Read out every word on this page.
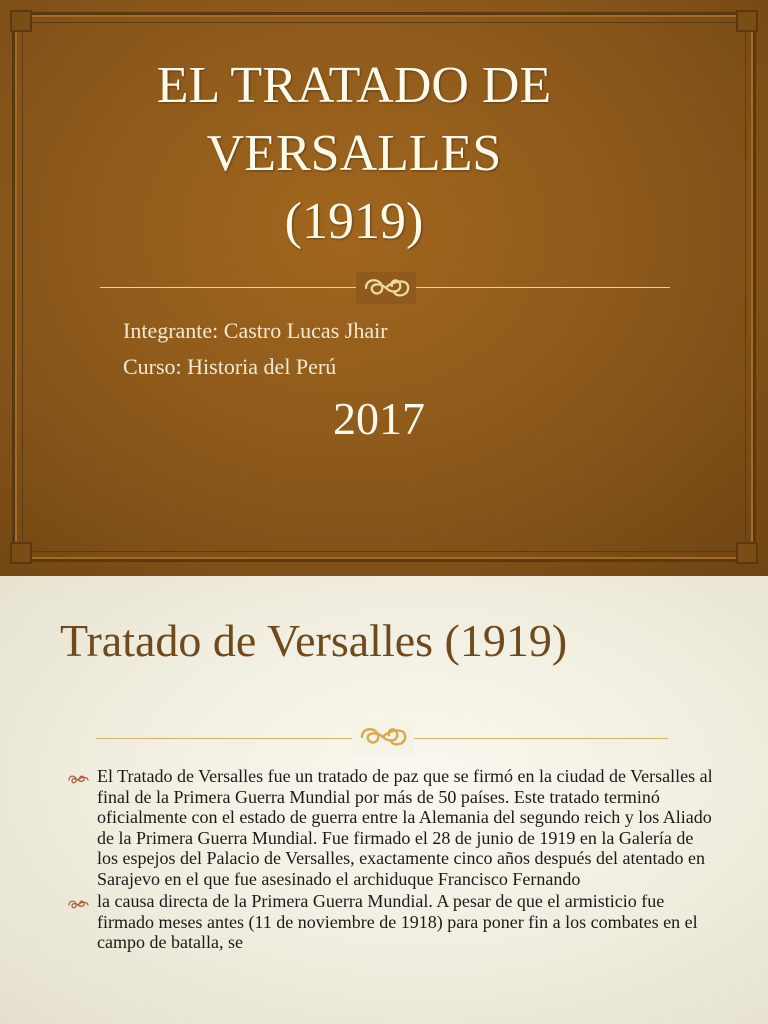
EL TRATADO DE
VERSALLES
(1919)
Integrante: Castro Lucas Jhair
Curso: Historia del Perú
2017
Tratado de Versalles (1919)
El Tratado de Versalles fue un tratado de paz que se firmó en la ciudad de Versalles al final de la Primera Guerra Mundial por más de 50 países. Este tratado terminó oficialmente con el estado de guerra entre la Alemania del segundo reich y los Aliado de la Primera Guerra Mundial. Fue firmado el 28 de junio de 1919 en la Galería de los espejos del Palacio de Versalles, exactamente cinco años después del atentado en Sarajevo en el que fue asesinado el archiduque Francisco Fernando
la causa directa de la Primera Guerra Mundial. A pesar de que el armisticio fue firmado meses antes (11 de noviembre de 1918) para poner fin a los combates en el campo de batalla, se
